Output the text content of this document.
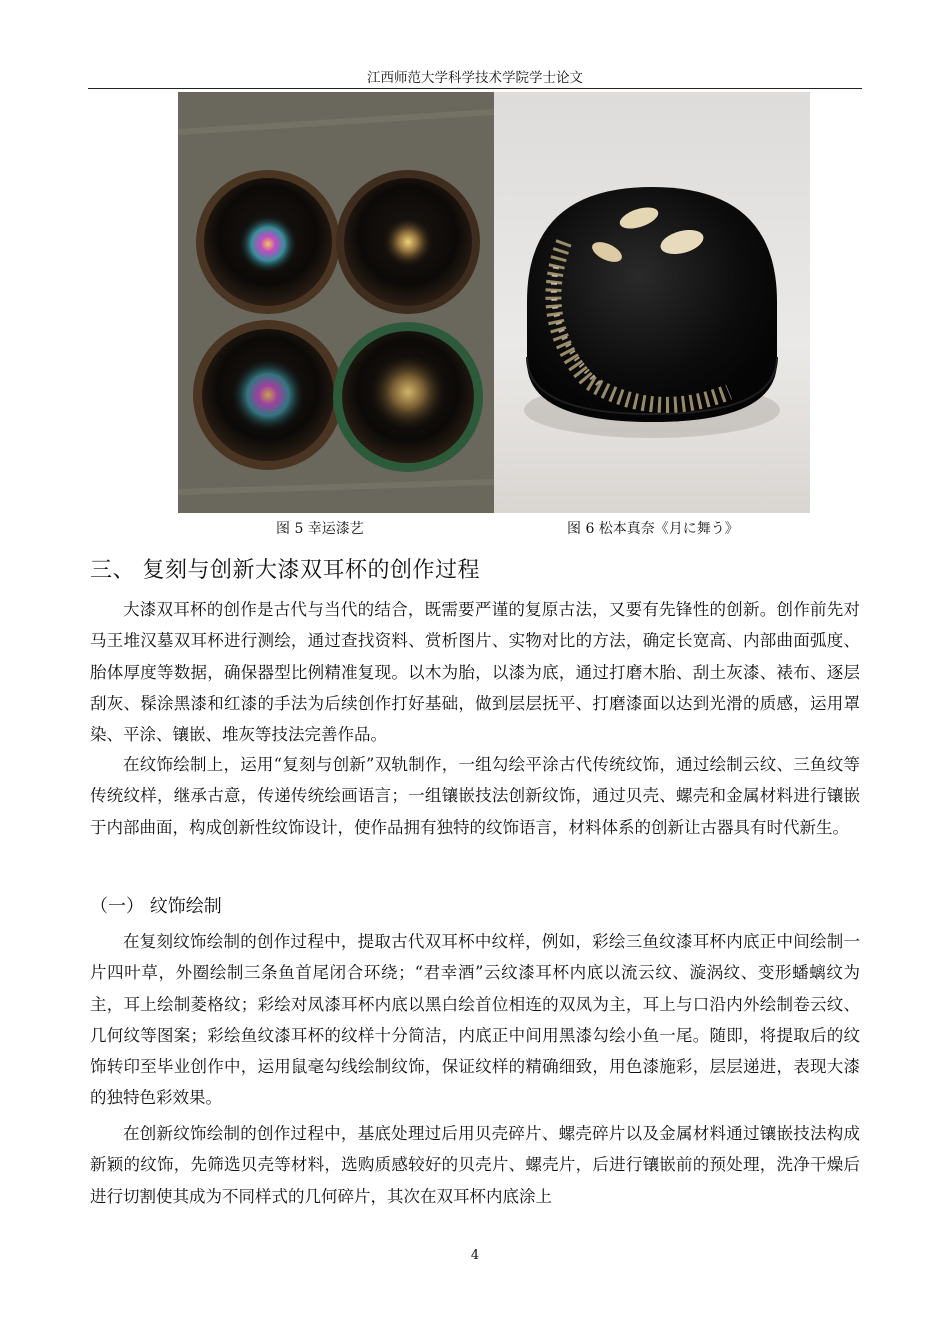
江西师范大学科学技术学院学士论文
图 5 幸运漆艺	图 6 松本真奈《月に舞う》
三、 复刻与创新大漆双耳杯的创作过程

大漆双耳杯的创作是古代与当代的结合，既需要严谨的复原古法，又要有先锋性的创新。创作前先对马王堆汉墓双耳杯进行测绘，通过查找资料、赏析图片、实物对比的方法，确定长宽高、内部曲面弧度、胎体厚度等数据，确保器型比例精准复现。以木为胎，以漆为底，通过打磨木胎、刮土灰漆、裱布、逐层刮灰、髹涂黑漆和红漆的手法为后续创作打好基础，做到层层抚平、打磨漆面以达到光滑的质感，运用罩染、平涂、镶嵌、堆灰等技法完善作品。

在纹饰绘制上，运用“复刻与创新”双轨制作，一组勾绘平涂古代传统纹饰，通过绘制云纹、三鱼纹等传统纹样，继承古意，传递传统绘画语言；一组镶嵌技法创新纹饰，通过贝壳、螺壳和金属材料进行镶嵌于内部曲面，构成创新性纹饰设计，使作品拥有独特的纹饰语言，材料体系的创新让古器具有时代新生。

（一） 纹饰绘制

在复刻纹饰绘制的创作过程中，提取古代双耳杯中纹样，例如，彩绘三鱼纹漆耳杯内底正中间绘制一片四叶草，外圈绘制三条鱼首尾闭合环绕；“君幸酒”云纹漆耳杯内底以流云纹、漩涡纹、变形蟠螭纹为主，耳上绘制菱格纹；彩绘对凤漆耳杯内底以黑白绘首位相连的双凤为主，耳上与口沿内外绘制卷云纹、几何纹等图案；彩绘鱼纹漆耳杯的纹样十分简洁，内底正中间用黑漆勾绘小鱼一尾。随即，将提取后的纹饰转印至毕业创作中，运用鼠毫勾线绘制纹饰，保证纹样的精确细致，用色漆施彩，层层递进，表现大漆的独特色彩效果。

在创新纹饰绘制的创作过程中，基底处理过后用贝壳碎片、螺壳碎片以及金属材料通过镶嵌技法构成新颖的纹饰，先筛选贝壳等材料，选购质感较好的贝壳片、螺壳片，后进行镶嵌前的预处理，洗净干燥后进行切割使其成为不同样式的几何碎片，其次在双耳杯内底涂上

4
